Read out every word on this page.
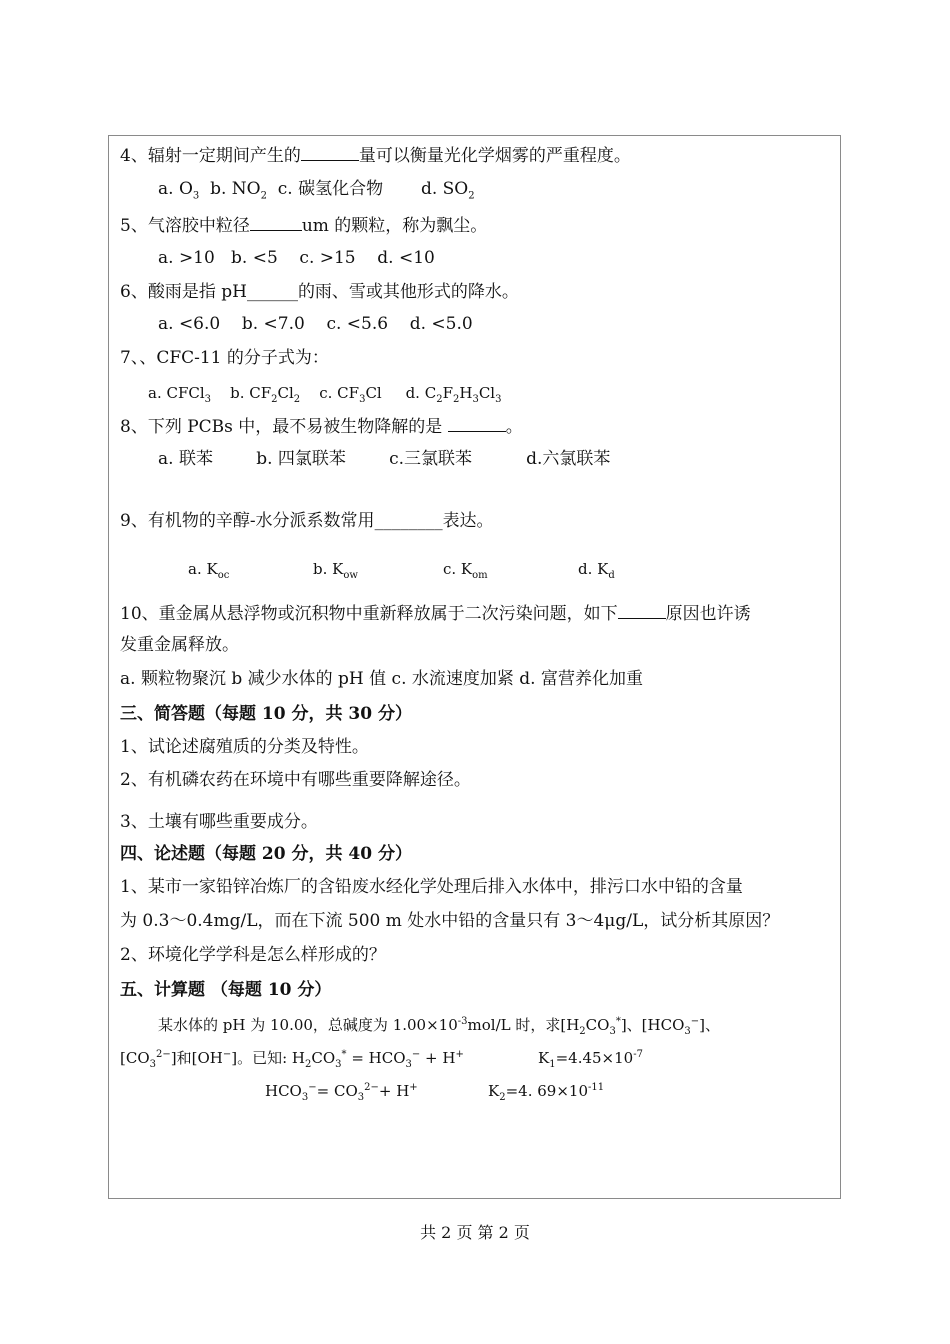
4、辐射一定期间产生的	量可以衡量光化学烟雾的严重程度。
a. $O_3$ b. $NO_2$ c. 碳氢化合物 d. $SO_2$
5、气溶胶中粒径	um 的颗粒，称为飘尘。
a. >10 b. <5 c. >15 d. <10
6、酸雨是指 pH______的雨、雪或其他形式的降水。
a. <6.0 b. <7.0 c. <5.6 d. <5.0
7、、CFC-11 的分子式为：
a. CFCl$_3$ b. $CF_2Cl_2$ c. $CF_3Cl$ d. $C_2F_2H_3Cl_3$
8、下列 PCBs 中，最不易被生物降解的是	。
a. 联苯	b. 四氯联苯	c.三氯联苯	d.六氯联苯
9、有机物的辛醇-水分派系数常用________表达。
a. $K_{oc}$	b. $K_{ow}$	c. $K_{om}$	d. $K_d$
10、重金属从悬浮物或沉积物中重新释放属于二次污染问题，如下	原因也许诱
发重金属释放。
a. 颗粒物聚沉 b 减少水体的 pH 值 c. 水流速度加紧 d. 富营养化加重
三、简答题（每题 10 分，共 30 分）
1、试论述腐殖质的分类及特性。
2、有机磷农药在环境中有哪些重要降解途径。
3、土壤有哪些重要成分。
四、论述题（每题 20 分，共 40 分）
1、某市一家铅锌冶炼厂的含铅废水经化学处理后排入水体中，排污口水中铅的含量
为 0.3～0.4mg/L，而在下流 500 m 处水中铅的含量只有 3～4μg/L，试分析其原因？
2、环境化学学科是怎么样形成的？
五、计算题 （每题 10 分）
某水体的 pH 为 10.00，总碱度为 $1.00\times 10^{-3}mol/L$ 时，求$[H_2CO_3^*]$、$[HCO_3^-]$、
$[CO_3^{2-}]$和[OH−]。已知: $H_2CO_3^* = HCO_3^- + H^+$	$K_1=4.45\times 10^{-7}$
$HCO_3^-= CO_3^{2-}+ H^+$	$K_2=4$. $69\times 10^{-11}$
共 2 页 第 2 页
